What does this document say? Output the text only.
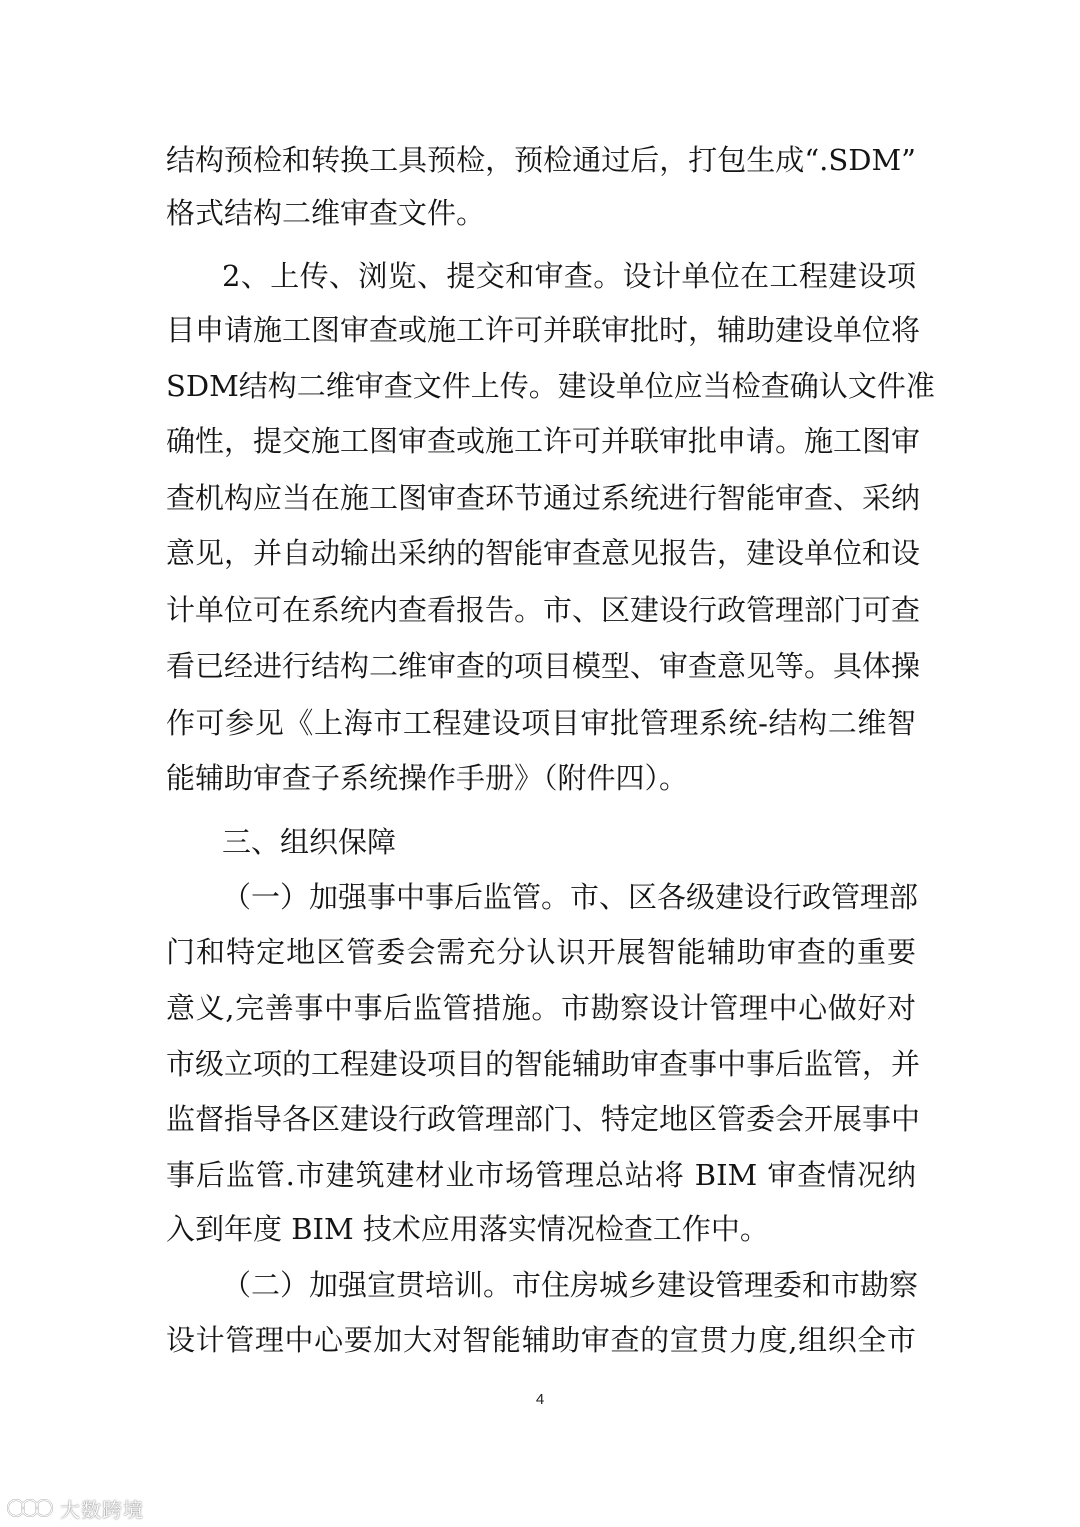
结构预检和转换工具预检，预检通过后，打包生成“.SDM”
格式结构二维审查文件。
2、上传、浏览、提交和审查。设计单位在工程建设项
目申请施工图审查或施工许可并联审批时，辅助建设单位将
SDM结构二维审查文件上传。建设单位应当检查确认文件准
确性，提交施工图审查或施工许可并联审批申请。施工图审
查机构应当在施工图审查环节通过系统进行智能审查、采纳
意见，并自动输出采纳的智能审查意见报告，建设单位和设
计单位可在系统内查看报告。市、区建设行政管理部门可查
看已经进行结构二维审查的项目模型、审查意见等。具体操
作可参见《上海市工程建设项目审批管理系统-结构二维智
能辅助审查子系统操作手册》（附件四）。
三、组织保障
（一）加强事中事后监管。市、区各级建设行政管理部
门和特定地区管委会需充分认识开展智能辅助审查的重要
意义,完善事中事后监管措施。市勘察设计管理中心做好对
市级立项的工程建设项目的智能辅助审查事中事后监管，并
监督指导各区建设行政管理部门、特定地区管委会开展事中
事后监管.市建筑建材业市场管理总站将 BIM 审查情况纳
入到年度 BIM 技术应用落实情况检查工作中。
（二）加强宣贯培训。市住房城乡建设管理委和市勘察
设计管理中心要加大对智能辅助审查的宣贯力度,组织全市
4
大数跨境
